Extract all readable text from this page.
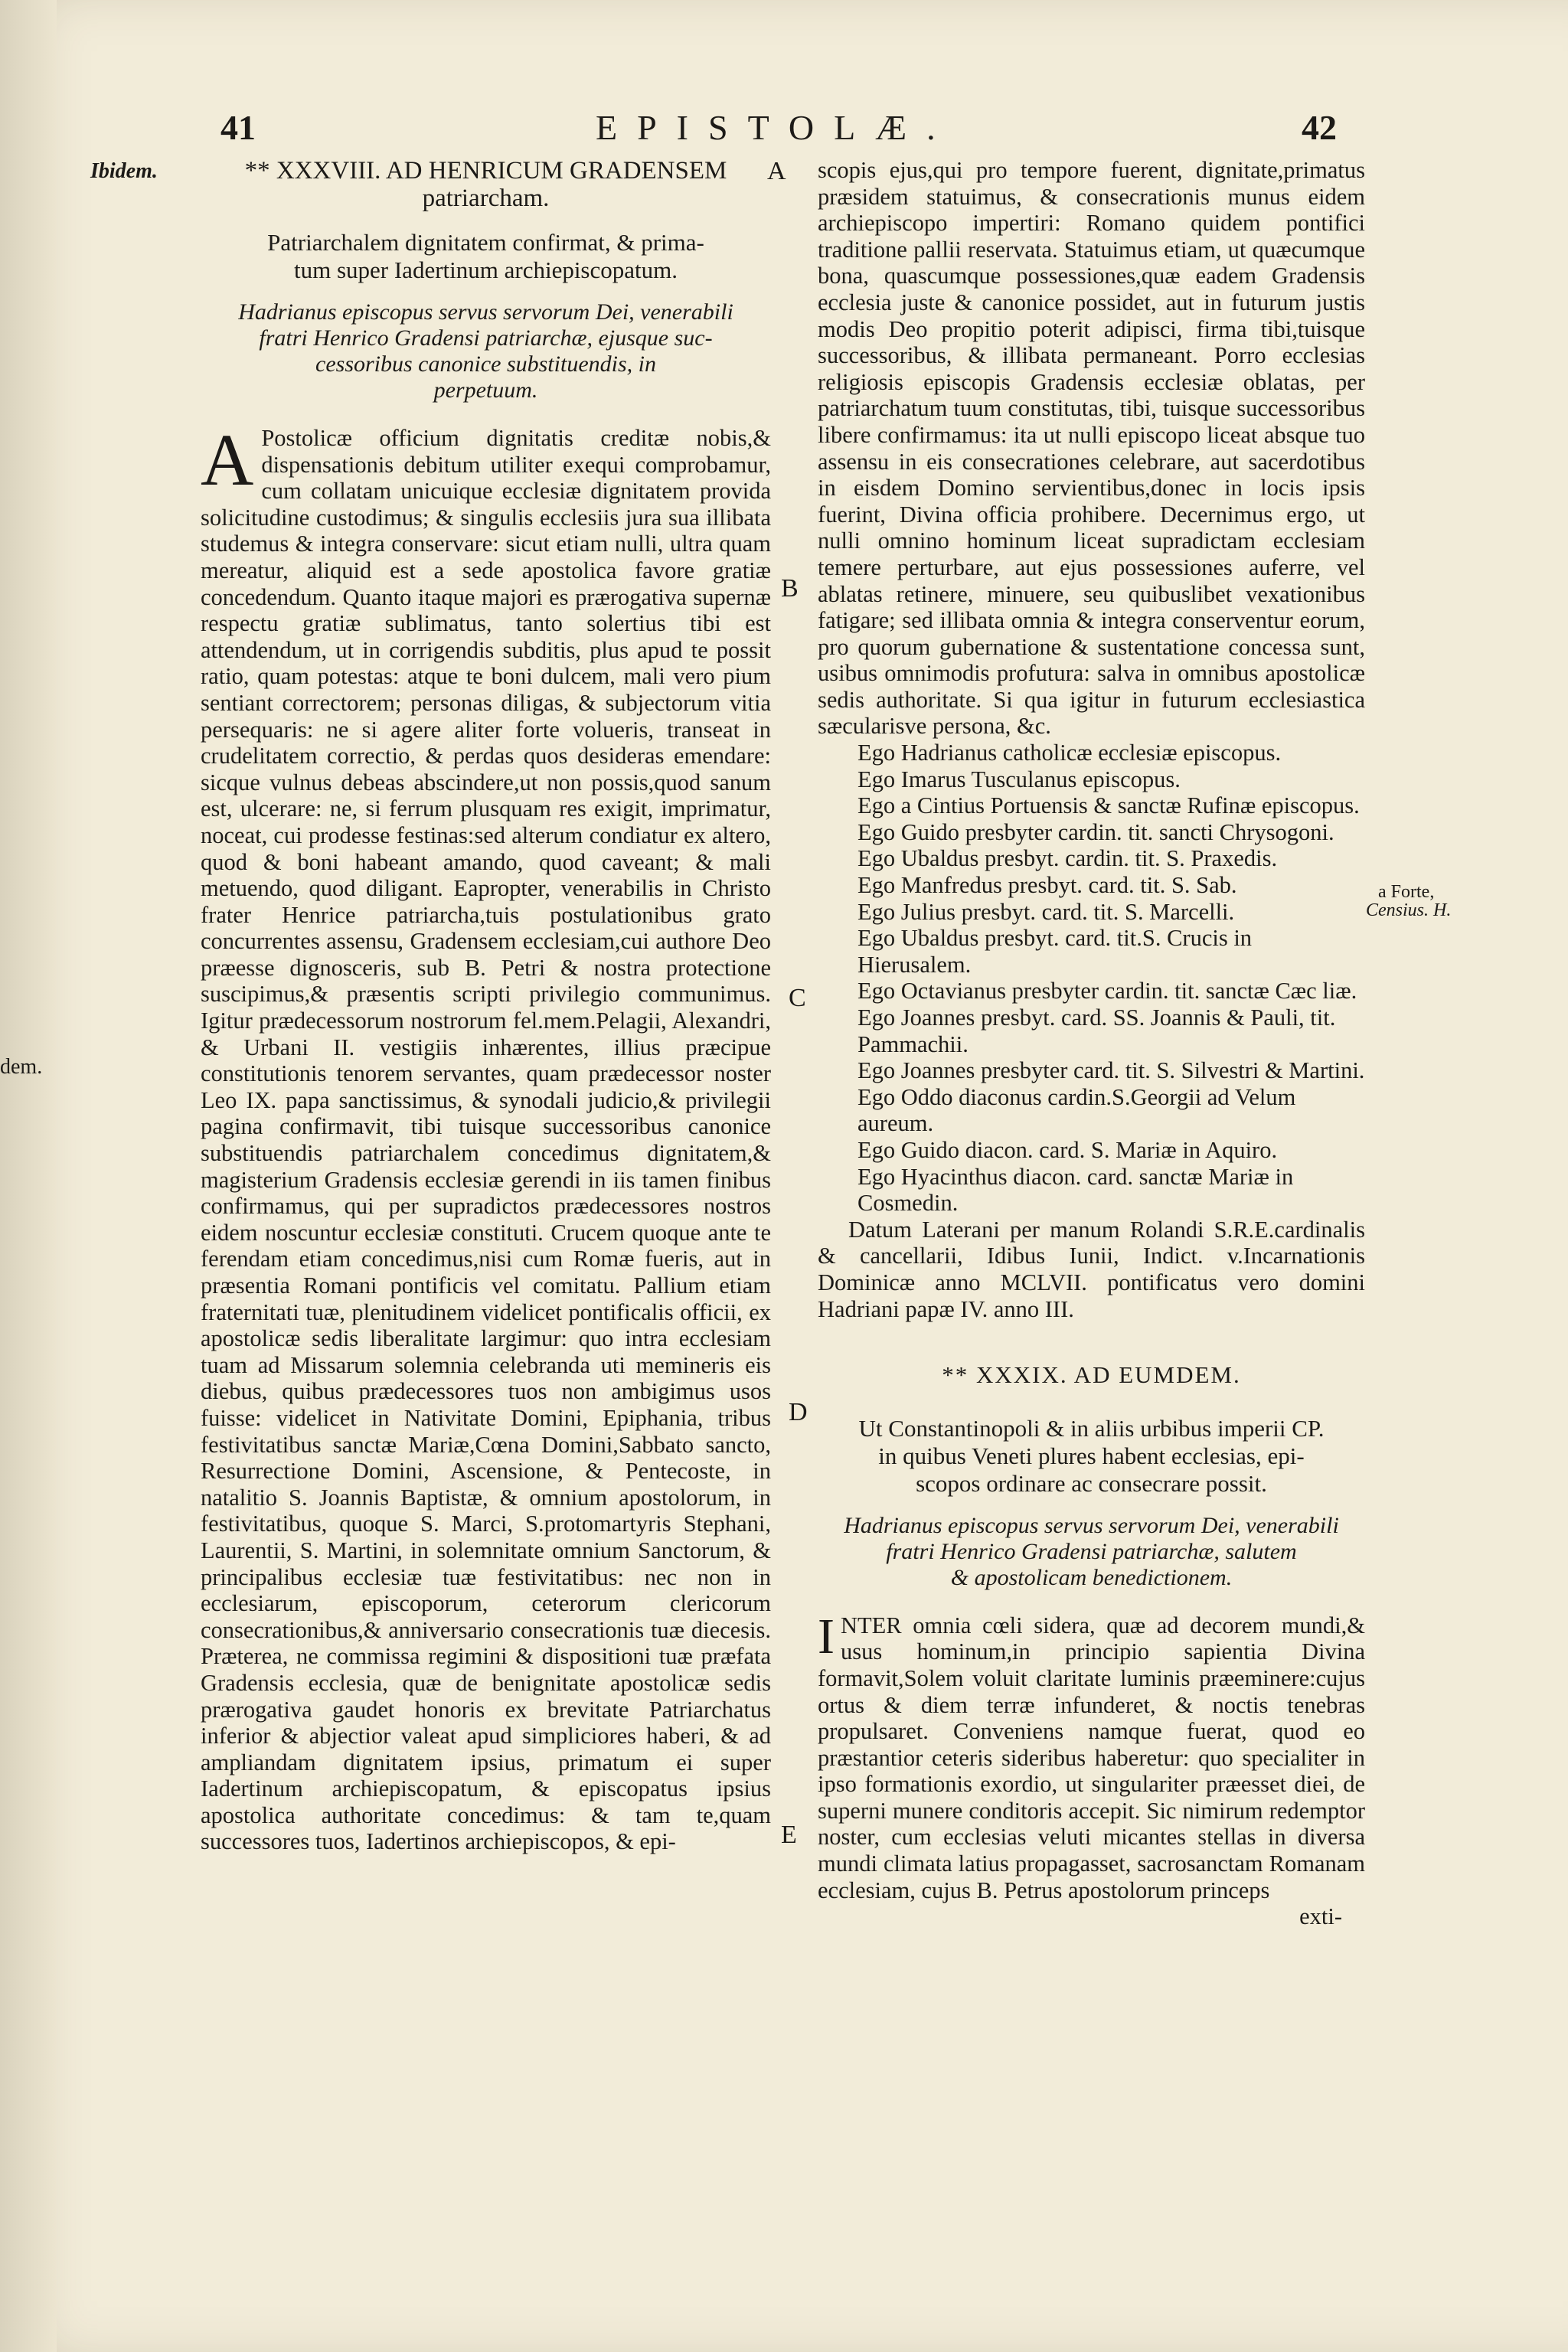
41	EPISTOLÆ.	42
Ibidem.
dem.
a Forte,
Censius. H.
A
B
C
D
E
** XXXVIII. AD HENRICUM GRADENSEM
patriarcham.
Patriarchalem dignitatem confirmat, & prima-
tum super Iadertinum archiepiscopatum.
Hadrianus episcopus servus servorum Dei, venerabili
fratri Henrico Gradensi patriarchæ, ejusque suc-
cessoribus canonice substituendis, in
perpetuum.
A Postolicæ officium dignitatis creditæ nobis,& dispensationis debitum utiliter exequi comprobamur, cum collatam unicuique ecclesiæ dignitatem provida solicitudine custodimus; & singulis ecclesiis jura sua illibata studemus & integra conservare: sicut etiam nulli, ultra quam mereatur, aliquid est a sede apostolica favore gratiæ concedendum. Quanto itaque majori es prærogativa supernæ respectu gratiæ sublimatus, tanto solertius tibi est attendendum, ut in corrigendis subditis, plus apud te possit ratio, quam potestas: atque te boni dulcem, mali vero pium sentiant correctorem; personas diligas, & subjectorum vitia persequaris: ne si agere aliter forte volueris, transeat in crudelitatem correctio, & perdas quos desideras emendare: sicque vulnus debeas abscindere,ut non possis,quod sanum est, ulcerare: ne, si ferrum plusquam res exigit, imprimatur, noceat, cui prodesse festinas:sed alterum condiatur ex altero, quod & boni habeant amando, quod caveant; & mali metuendo, quod diligant. Eapropter, venerabilis in Christo frater Henrice patriarcha,tuis postulationibus grato concurrentes assensu, Gradensem ecclesiam,cui authore Deo præesse dignosceris, sub B. Petri & nostra protectione suscipimus,& præsentis scripti privilegio communimus. Igitur prædecessorum nostrorum fel.mem.Pelagii, Alexandri, & Urbani II. vestigiis inhærentes, illius præcipue constitutionis tenorem servantes, quam prædecessor noster Leo IX. papa sanctissimus, & synodali judicio,& privilegii pagina confirmavit, tibi tuisque successoribus canonice substituendis patriarchalem concedimus dignitatem,& magisterium Gradensis ecclesiæ gerendi in iis tamen finibus confirmamus, qui per supradictos prædecessores nostros eidem noscuntur ecclesiæ constituti. Crucem quoque ante te ferendam etiam concedimus,nisi cum Romæ fueris, aut in præsentia Romani pontificis vel comitatu. Pallium etiam fraternitati tuæ, plenitudinem videlicet pontificalis officii, ex apostolicæ sedis liberalitate largimur: quo intra ecclesiam tuam ad Missarum solemnia celebranda uti memineris eis diebus, quibus prædecessores tuos non ambigimus usos fuisse: videlicet in Nativitate Domini, Epiphania, tribus festivitatibus sanctæ Mariæ,Cœna Domini,Sabbato sancto, Resurrectione Domini, Ascensione, & Pentecoste, in natalitio S. Joannis Baptistæ, & omnium apostolorum, in festivitatibus, quoque S. Marci, S.protomartyris Stephani, Laurentii, S. Martini, in solemnitate omnium Sanctorum, & principalibus ecclesiæ tuæ festivitatibus: nec non in ecclesiarum, episcoporum, ceterorum clericorum consecrationibus,& anniversario consecrationis tuæ diecesis. Præterea, ne commissa regimini & dispositioni tuæ præfata Gradensis ecclesia, quæ de benignitate apostolicæ sedis prærogativa gaudet honoris ex brevitate Patriarchatus inferior & abjectior valeat apud simpliciores haberi, & ad ampliandam dignitatem ipsius, primatum ei super Iadertinum archiepiscopatum, & episcopatus ipsius apostolica authoritate concedimus: & tam te,quam successores tuos, Iadertinos archiepiscopos, & epi-
scopis ejus,qui pro tempore fuerent, dignitate,primatus præsidem statuimus, & consecrationis munus eidem archiepiscopo impertiri: Romano quidem pontifici traditione pallii reservata. Statuimus etiam, ut quæcumque bona, quascumque possessiones,quæ eadem Gradensis ecclesia juste & canonice possidet, aut in futurum justis modis Deo propitio poterit adipisci, firma tibi,tuisque successoribus, & illibata permaneant. Porro ecclesias religiosis episcopis Gradensis ecclesiæ oblatas, per patriarchatum tuum constitutas, tibi, tuisque successoribus libere confirmamus: ita ut nulli episcopo liceat absque tuo assensu in eis consecrationes celebrare, aut sacerdotibus in eisdem Domino servientibus,donec in locis ipsis fuerint, Divina officia prohibere. Decernimus ergo, ut nulli omnino hominum liceat supradictam ecclesiam temere perturbare, aut ejus possessiones auferre, vel ablatas retinere, minuere, seu quibuslibet vexationibus fatigare; sed illibata omnia & integra conserventur eorum, pro quorum gubernatione & sustentatione concessa sunt, usibus omnimodis profutura: salva in omnibus apostolicæ sedis authoritate. Si qua igitur in futurum ecclesiastica sæcularisve persona, &c.
Ego Hadrianus catholicæ ecclesiæ episcopus.
Ego Imarus Tusculanus episcopus.
Ego a Cintius Portuensis & sanctæ Rufinæ episcopus.
Ego Guido presbyter cardin. tit. sancti Chrysogoni.
Ego Ubaldus presbyt. cardin. tit. S. Praxedis.
Ego Manfredus presbyt. card. tit. S. Sab.
Ego Julius presbyt. card. tit. S. Marcelli.
Ego Ubaldus presbyt. card. tit.S. Crucis in Hierusalem.
Ego Octavianus presbyter cardin. tit. sanctæ Cæc liæ.
Ego Joannes presbyt. card. SS. Joannis & Pauli, tit. Pammachii.
Ego Joannes presbyter card. tit. S. Silvestri & Martini.
Ego Oddo diaconus cardin.S.Georgii ad Velum aureum.
Ego Guido diacon. card. S. Mariæ in Aquiro.
Ego Hyacinthus diacon. card. sanctæ Mariæ in Cosmedin.
Datum Laterani per manum Rolandi S.R.E.cardinalis & cancellarii, Idibus Iunii, Indict. v.Incarnationis Dominicæ anno MCLVII. pontificatus vero domini Hadriani papæ IV. anno III.
** XXXIX. AD EUMDEM.
Ut Constantinopoli & in aliis urbibus imperii CP.
in quibus Veneti plures habent ecclesias, epi-
scopos ordinare ac consecrare possit.
Hadrianus episcopus servus servorum Dei, venerabili
fratri Henrico Gradensi patriarchæ, salutem
& apostolicam benedictionem.
INTER omnia cœli sidera, quæ ad decorem mundi,& usus hominum,in principio sapientia Divina formavit,Solem voluit claritate luminis præeminere:cujus ortus & diem terræ infunderet, & noctis tenebras propulsaret. Conveniens namque fuerat, quod eo præstantior ceteris sideribus haberetur: quo specialiter in ipso formationis exordio, ut singulariter præesset diei, de superni munere conditoris accepit. Sic nimirum redemptor noster, cum ecclesias veluti micantes stellas in diversa mundi climata latius propagasset, sacrosanctam Romanam ecclesiam, cujus B. Petrus apostolorum princeps
exti-
